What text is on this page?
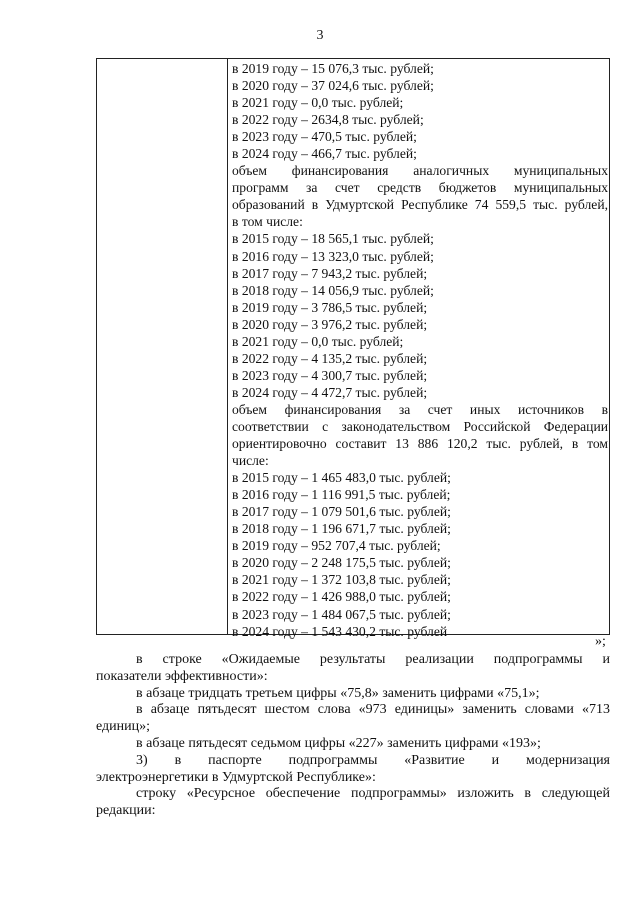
3
в 2019 году – 15 076,3 тыс. рублей;
в 2020 году – 37 024,6 тыс. рублей;
в 2021 году – 0,0 тыс. рублей;
в 2022 году – 2634,8 тыс. рублей;
в 2023 году – 470,5 тыс. рублей;
в 2024 году – 466,7 тыс. рублей;
объем финансирования аналогичных муниципальных
программ за счет средств бюджетов муниципальных
образований в Удмуртской Республике 74 559,5 тыс. рублей,
в том числе:
в 2015 году – 18 565,1 тыс. рублей;
в 2016 году – 13 323,0 тыс. рублей;
в 2017 году – 7 943,2 тыс. рублей;
в 2018 году – 14 056,9 тыс. рублей;
в 2019 году – 3 786,5 тыс. рублей;
в 2020 году – 3 976,2 тыс. рублей;
в 2021 году – 0,0 тыс. рублей;
в 2022 году – 4 135,2 тыс. рублей;
в 2023 году – 4 300,7 тыс. рублей;
в 2024 году – 4 472,7 тыс. рублей;
объем финансирования за счет иных источников в
соответствии с законодательством Российской Федерации
ориентировочно составит 13 886 120,2 тыс. рублей, в том
числе:
в 2015 году – 1 465 483,0 тыс. рублей;
в 2016 году – 1 116 991,5 тыс. рублей;
в 2017 году – 1 079 501,6 тыс. рублей;
в 2018 году – 1 196 671,7 тыс. рублей;
в 2019 году – 952 707,4 тыс. рублей;
в 2020 году – 2 248 175,5 тыс. рублей;
в 2021 году – 1 372 103,8 тыс. рублей;
в 2022 году – 1 426 988,0 тыс. рублей;
в 2023 году – 1 484 067,5 тыс. рублей;
в 2024 году – 1 543 430,2 тыс. рублей
»;
в строке «Ожидаемые результаты реализации подпрограммы и
показатели эффективности»:
в абзаце тридцать третьем цифры «75,8» заменить цифрами «75,1»;
в абзаце пятьдесят шестом слова «973 единицы» заменить словами «713
единиц»;
в абзаце пятьдесят седьмом цифры «227» заменить цифрами «193»;
3) в паспорте подпрограммы «Развитие и модернизация
электроэнергетики в Удмуртской Республике»:
строку «Ресурсное обеспечение подпрограммы» изложить в следующей
редакции:
